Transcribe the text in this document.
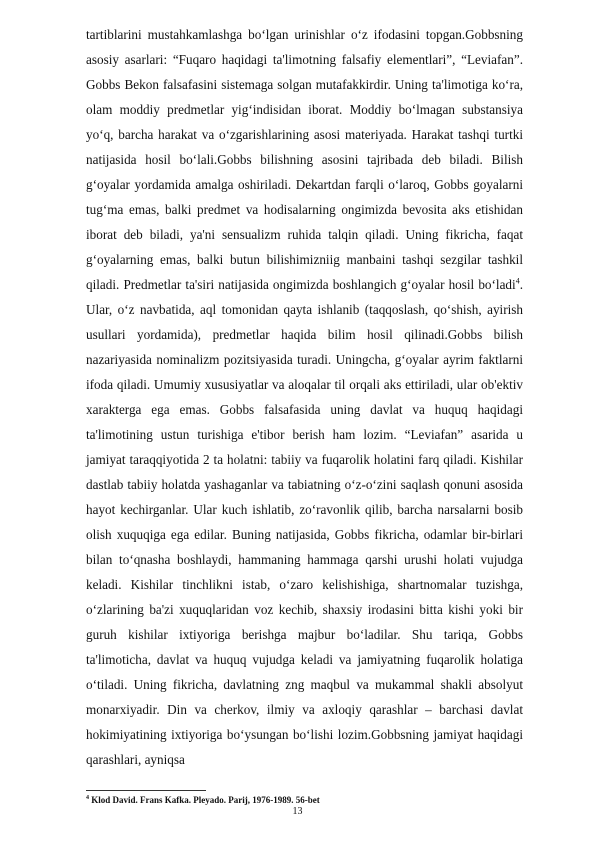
tartiblarini mustahkamlashga bo‘lgan urinishlar o‘z ifodasini topgan.Gobbsning asosiy asarlari: “Fuqaro haqidagi ta'limotning falsafiy elementlari”, “Leviafan”. Gobbs Bekon falsafasini sistemaga solgan mutafakkirdir. Uning ta'limotiga ko‘ra, olam moddiy predmetlar yig‘indisidan iborat. Moddiy bo‘lmagan substansiya yo‘q, barcha harakat va o‘zgarishlarining asosi materiyada. Harakat tashqi turtki natijasida hosil bo‘lali.Gobbs bilishning asosini tajribada deb biladi. Bilish g‘oyalar yordamida amalga oshiriladi. Dekartdan farqli o‘laroq, Gobbs goyalarni tug‘ma emas, balki predmet va hodisalarning ongimizda bevosita aks etishidan iborat deb biladi, ya'ni sensualizm ruhida talqin qiladi. Uning fikricha, faqat g‘oyalarning emas, balki butun bilishimizniig manbaini tashqi sezgilar tashkil qiladi. Predmetlar ta'siri natijasida ongimizda boshlangich g‘oyalar hosil bo‘ladi$^4$. Ular, o‘z navbatida, aql tomonidan qayta ishlanib (taqqoslash, qo‘shish, ayirish usullari yordamida), predmetlar haqida bilim hosil qilinadi.Gobbs bilish nazariyasida nominalizm pozitsiyasida turadi. Uningcha, g‘oyalar ayrim faktlarni ifoda qiladi. Umumiy xususiyatlar va aloqalar til orqali aks ettiriladi, ular ob'ektiv xarakterga ega emas. Gobbs falsafasida uning davlat va huquq haqidagi ta'limotining ustun turishiga e'tibor berish ham lozim. “Leviafan” asarida u jamiyat taraqqiyotida 2 ta holatni: tabiiy va fuqarolik holatini farq qiladi. Kishilar dastlab tabiiy holatda yashaganlar va tabiatning o‘z-o‘zini saqlash qonuni asosida hayot kechirganlar. Ular kuch ishlatib, zo‘ravonlik qilib, barcha narsalarni bosib olish xuquqiga ega edilar. Buning natijasida, Gobbs fikricha, odamlar bir-birlari bilan to‘qnasha boshlaydi, hammaning hammaga qarshi urushi holati vujudga keladi. Kishilar tinchlikni istab, o‘zaro kelishishiga, shartnomalar tuzishga, o‘zlarining ba'zi xuquqlaridan voz kechib, shaxsiy irodasini bitta kishi yoki bir guruh kishilar ixtiyoriga berishga majbur bo‘ladilar. Shu tariqa, Gobbs ta'limoticha, davlat va huquq vujudga keladi va jamiyatning fuqarolik holatiga o‘tiladi. Uning fikricha, davlatning zng maqbul va mukammal shakli absolyut monarxiyadir. Din va cherkov, ilmiy va axloqiy qarashlar – barchasi davlat hokimiyatining ixtiyoriga bo‘ysungan bo‘lishi lozim.Gobbsning jamiyat haqidagi qarashlari, ayniqsa

$^4$ Klod David. Frans Kafka. Pleyado. Parij, 1976-1989. 56-bet
13
